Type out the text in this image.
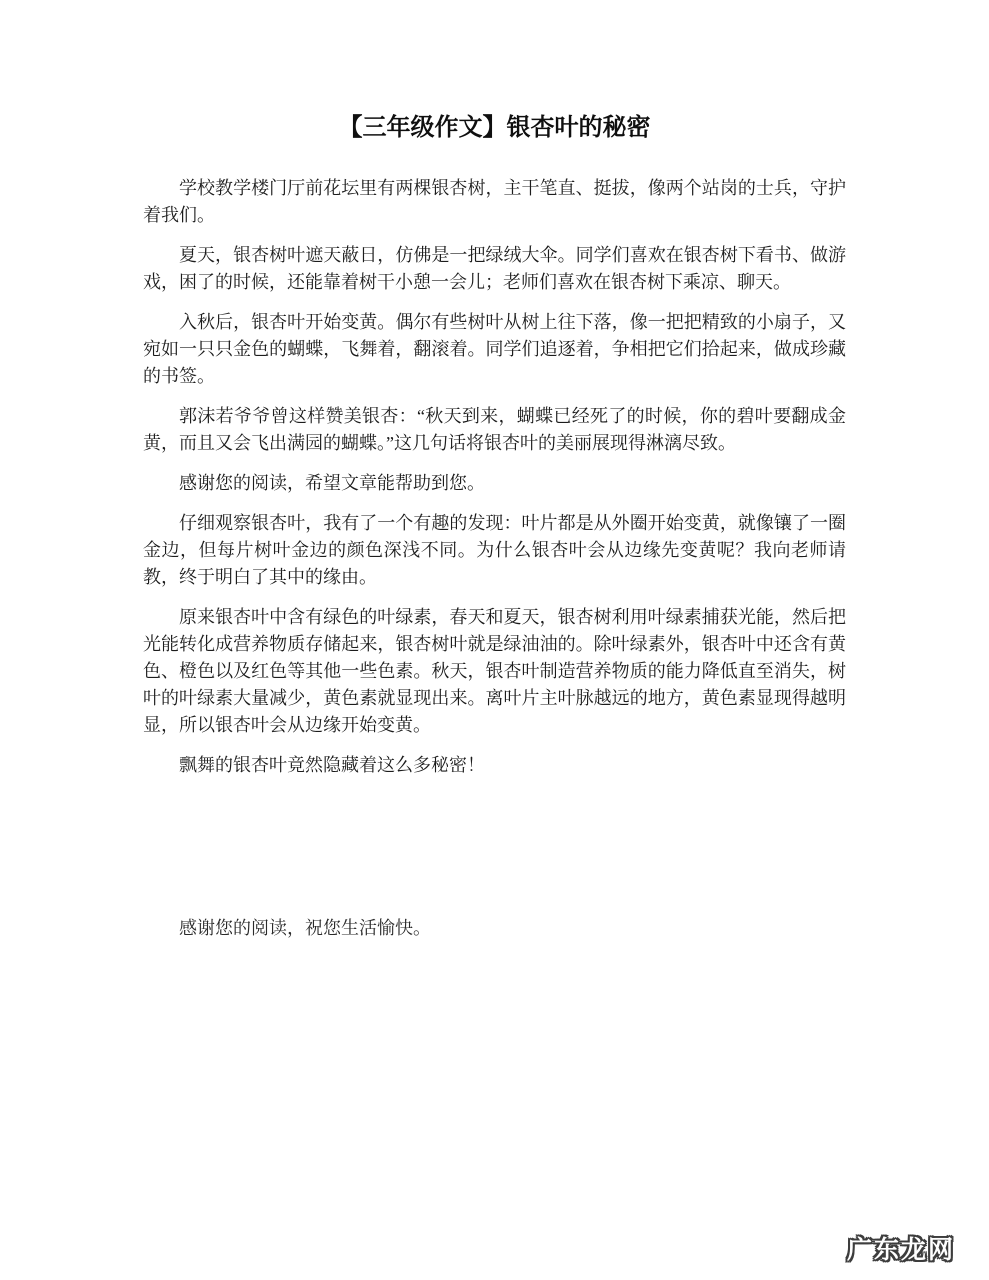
【三年级作文】银杏叶的秘密

学校教学楼门厅前花坛里有两棵银杏树，主干笔直、挺拔，像两个站岗的士兵，守护着我们。

夏天，银杏树叶遮天蔽日，仿佛是一把绿绒大伞。同学们喜欢在银杏树下看书、做游戏，困了的时候，还能靠着树干小憩一会儿；老师们喜欢在银杏树下乘凉、聊天。

入秋后，银杏叶开始变黄。偶尔有些树叶从树上往下落，像一把把精致的小扇子，又宛如一只只金色的蝴蝶，飞舞着，翻滚着。同学们追逐着，争相把它们拾起来，做成珍藏的书签。

郭沫若爷爷曾这样赞美银杏：“秋天到来，蝴蝶已经死了的时候，你的碧叶要翻成金黄，而且又会飞出满园的蝴蝶。”这几句话将银杏叶的美丽展现得淋漓尽致。

感谢您的阅读，希望文章能帮助到您。

仔细观察银杏叶，我有了一个有趣的发现：叶片都是从外圈开始变黄，就像镶了一圈金边，但每片树叶金边的颜色深浅不同。为什么银杏叶会从边缘先变黄呢？我向老师请教，终于明白了其中的缘由。

原来银杏叶中含有绿色的叶绿素，春天和夏天，银杏树利用叶绿素捕获光能，然后把光能转化成营养物质存储起来，银杏树叶就是绿油油的。除叶绿素外，银杏叶中还含有黄色、橙色以及红色等其他一些色素。秋天，银杏叶制造营养物质的能力降低直至消失，树叶的叶绿素大量减少，黄色素就显现出来。离叶片主叶脉越远的地方，黄色素显现得越明显，所以银杏叶会从边缘开始变黄。

飘舞的银杏叶竟然隐藏着这么多秘密！

感谢您的阅读，祝您生活愉快。

广东龙网
